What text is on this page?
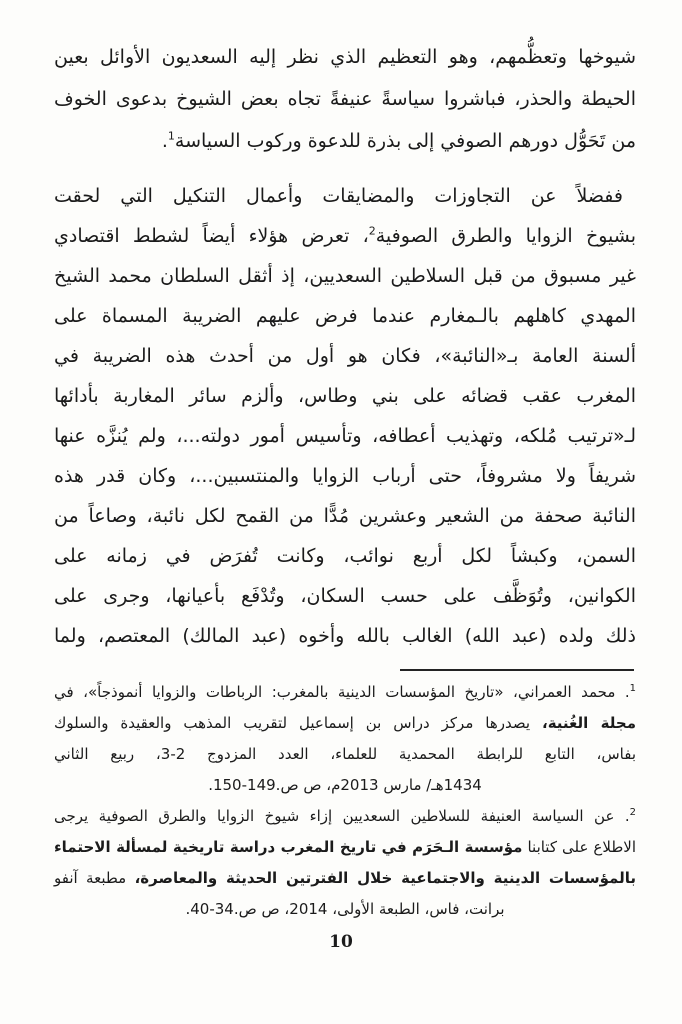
شيوخها وتعظُّمهم، وهو التعظيم الذي نظر إليه السعديون الأوائل بعين
الحيطة والحذر، فباشروا سياسةً عنيفةً تجاه بعض الشيوخ بدعوى الخوف
من تَحَوُّل دورهم الصوفي إلى بذرة للدعوة وركوب السياسة$^1$.
ففضلاً عن التجاوزات والمضايقات وأعمال التنكيل التي لحقت
بشيوخ الزوايا والطرق الصوفية$^2$، تعرض هؤلاء أيضاً لشطط اقتصادي
غير مسبوق من قبل السلاطين السعديين، إذ أثقل السلطان محمد الشيخ
المهدي كاهلهم بالـمغارم عندما فرض عليهم الضريبة المسماة على
ألسنة العامة بـ«النائبة»، فكان هو أول من أحدث هذه الضريبة في
المغرب عقب قضائه على بني وطاس، وألزم سائر المغاربة بأدائها
لـ«ترتيب مُلكه، وتهذيب أعطافه، وتأسيس أمور دولته...، ولم يُنزَّه عنها
شريفاً ولا مشروفاً، حتى أرباب الزوايا والمنتسبين...، وكان قدر هذه
النائبة صحفة من الشعير وعشرين مُدًّا من القمح لكل نائبة، وصاعاً من
السمن، وكبشاً لكل أربع نوائب، وكانت تُفرَض في زمانه على
الكوانين، وتُوَظَّف على حسب السكان، وتُدْفَع بأعيانها، وجرى على
ذلك ولده (عبد الله) الغالب بالله وأخوه (عبد المالك) المعتصم، ولما
$^1$. محمد العمراني، «تاريخ المؤسسات الدينية بالمغرب: الرباطات والزوايا أنموذجاً»، في
مجلة الغُنية، يصدرها مركز دراس بن إسماعيل لتقريب المذهب والعقيدة والسلوك
بفاس، التابع للرابطة المحمدية للعلماء، العدد المزدوج 2-3، ربيع الثاني
1434هـ/ مارس 2013م، ص ص.149-150.
$^2$. عن السياسة العنيفة للسلاطين السعديين إزاء شيوخ الزوايا والطرق الصوفية يرجى
الاطلاع على كتابنا مؤسسة الـحَرَم في تاريخ المغرب دراسة تاريخية لمسألة الاحتماء
بالمؤسسات الدينية والاجتماعية خلال الفترتين الحديثة والمعاصرة، مطبعة آنفو
برانت، فاس، الطبعة الأولى، 2014، ص ص.34-40.
10
